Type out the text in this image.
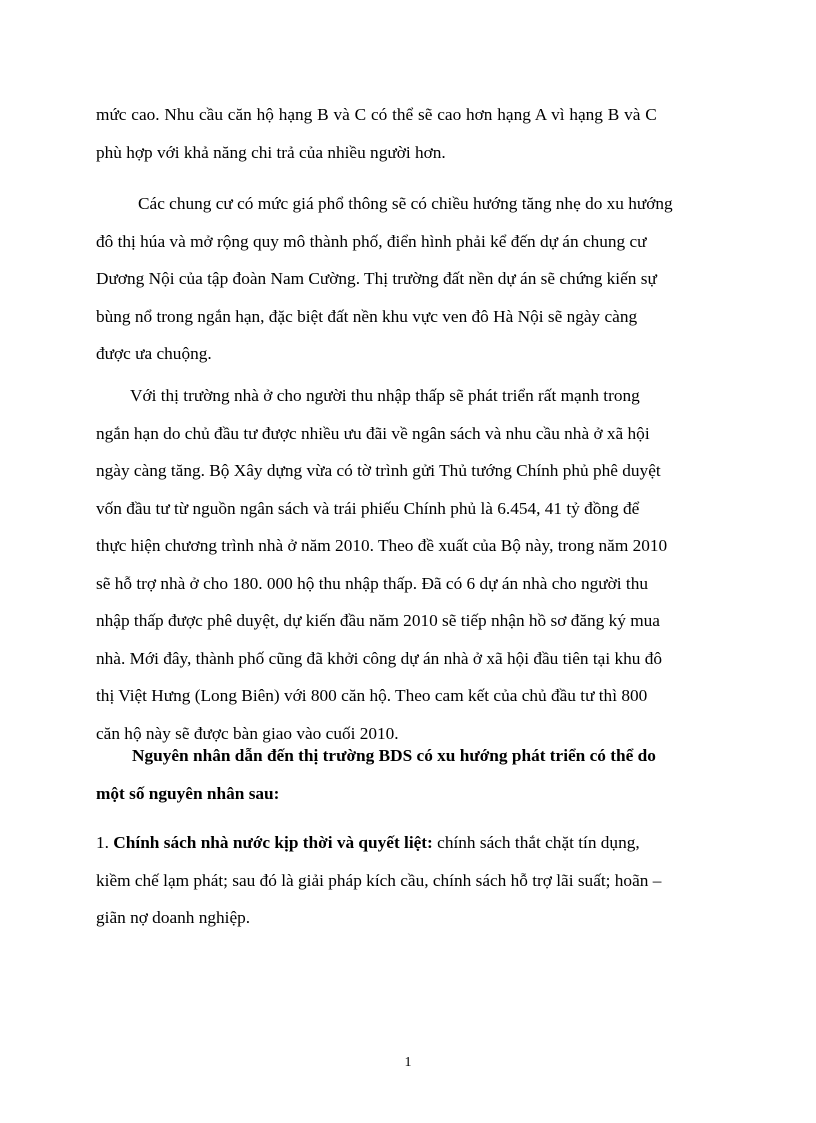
mức cao. Nhu cầu căn hộ hạng B và C có thể sẽ cao hơn hạng A vì hạng B và C
phù hợp với khả năng chi trả của nhiều người hơn.
Các chung cư có mức giá phổ thông sẽ có chiều hướng tăng nhẹ do xu hướng
đô thị húa và mở rộng quy mô thành phố, điển hình phải kể đến dự án chung cư
Dương Nội của tập đoàn Nam Cường. Thị trường đất nền dự án sẽ chứng kiến sự
bùng nổ trong ngắn hạn, đặc biệt đất nền khu vực ven đô Hà Nội sẽ ngày càng
được ưa chuộng.
Với thị trường nhà ở cho người thu nhập thấp sẽ phát triển rất mạnh trong
ngắn hạn do chủ đầu tư được nhiều ưu đãi về ngân sách và nhu cầu nhà ở xã hội
ngày càng tăng. Bộ Xây dựng vừa có tờ trình gửi Thủ tướng Chính phủ phê duyệt
vốn đầu tư từ nguồn ngân sách và trái phiếu Chính phủ là 6.454, 41 tỷ đồng để
thực hiện chương trình nhà ở năm 2010. Theo đề xuất của Bộ này, trong năm 2010
sẽ hỗ trợ nhà ở cho 180. 000 hộ thu nhập thấp. Đã có 6 dự án nhà cho người thu
nhập thấp được phê duyệt, dự kiến đầu năm 2010 sẽ tiếp nhận hồ sơ đăng ký mua
nhà. Mới đây, thành phố cũng đã khởi công dự án nhà ở xã hội đầu tiên tại khu đô
thị Việt Hưng (Long Biên) với 800 căn hộ. Theo cam kết của chủ đầu tư thì 800
căn hộ này sẽ được bàn giao vào cuối 2010.
Nguyên nhân dẫn đến thị trường BDS có xu hướng phát triển có thể do
một số nguyên nhân sau:
1. Chính sách nhà nước kịp thời và quyết liệt: chính sách thắt chặt tín dụng,
kiềm chế lạm phát; sau đó là giải pháp kích cầu, chính sách hỗ trợ lãi suất; hoãn –
giãn nợ doanh nghiệp.
1
